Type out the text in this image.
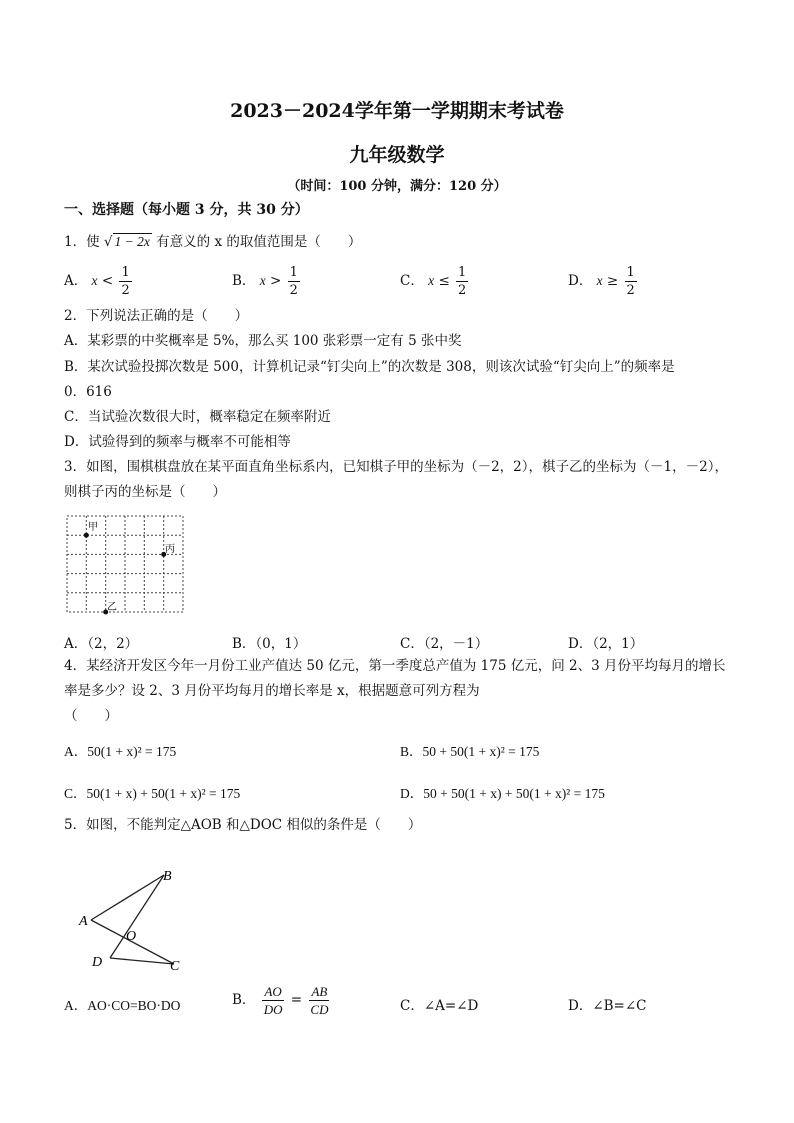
2023－2024学年第一学期期末考试卷
九年级数学
（时间：100 分钟，满分：120 分）
一、选择题（每小题 3 分，共 30 分）
1．使 √ 1 − 2x 有意义的 x 的取值范围是（　　）
A． $x < \frac{1}{2}$	B． $x > \frac{1}{2}$	C． $x \le \frac{1}{2}$	D． $x \ge \frac{1}{2}$
2．下列说法正确的是（　　）
A．某彩票的中奖概率是 5%，那么买 100 张彩票一定有 5 张中奖
B．某次试验投掷次数是 500，计算机记录“钉尖向上”的次数是 308，则该次试验“钉尖向上”的频率是
0．616
C．当试验次数很大时，概率稳定在频率附近
D．试验得到的频率与概率不可能相等
3．如图，围棋棋盘放在某平面直角坐标系内，已知棋子甲的坐标为（－2，2），棋子乙的坐标为（－1，－2），
则棋子丙的坐标是（　　）
甲
丙
乙
A．（2，2）	B．（0，1）	C．（2，－1）	D．（2，1）
4．某经济开发区今年一月份工业产值达 50 亿元，第一季度总产值为 175 亿元，问 2、3 月份平均每月的增长
率是多少？设 2、3 月份平均每月的增长率是 x，根据题意可列方程为
（　　）
A．50(1 + x)² = 175	B．50 + 50(1 + x)² = 175
C．50(1 + x) + 50(1 + x)² = 175	D．50 + 50(1 + x) + 50(1 + x)² = 175
5．如图，不能判定△AOB 和△DOC 相似的条件是（　　）
A
B
C
D
O
A．AO·CO=BO·DO	B． $\frac{AO}{DO} = \frac{AB}{CD}$	C．∠A=∠D	D．∠B=∠C
